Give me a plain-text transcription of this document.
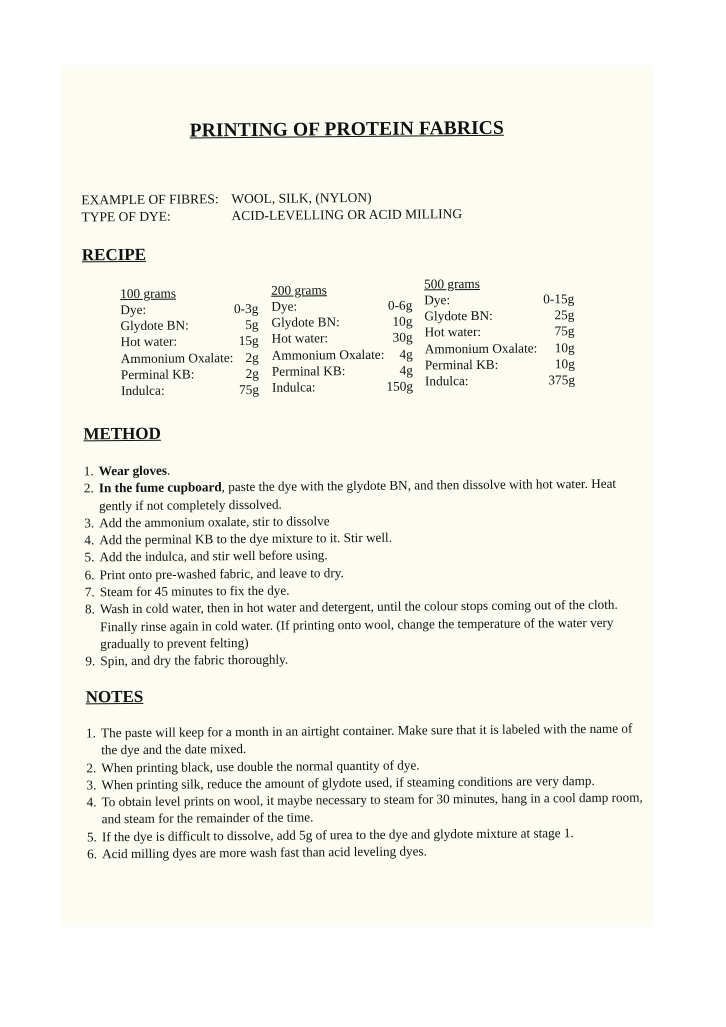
PRINTING OF PROTEIN FABRICS
EXAMPLE OF FIBRES: WOOL, SILK, (NYLON)
TYPE OF DYE:	ACID-LEVELLING OR ACID MILLING
RECIPE
100 grams
Dye:	0-3g
Glydote BN:	5g
Hot water:	15g
Ammonium Oxalate: 2g
Perminal KB:	2g
Indulca:	75g
200 grams
Dye:	0-6g
Glydote BN:	10g
Hot water:	30g
Ammonium Oxalate: 4g
Perminal KB:	4g
Indulca:	150g
500 grams
Dye:	0-15g
Glydote BN:	25g
Hot water:	75g
Ammonium Oxalate: 10g
Perminal KB:	10g
Indulca:	375g
METHOD
1. Wear gloves.
2. In the fume cupboard, paste the dye with the glydote BN, and then dissolve with hot water. Heat gently if not completely dissolved.
3. Add the ammonium oxalate, stir to dissolve
4. Add the perminal KB to the dye mixture to it. Stir well.
5. Add the indulca, and stir well before using.
6. Print onto pre-washed fabric, and leave to dry.
7. Steam for 45 minutes to fix the dye.
8. Wash in cold water, then in hot water and detergent, until the colour stops coming out of the cloth. Finally rinse again in cold water. (If printing onto wool, change the temperature of the water very gradually to prevent felting)
9. Spin, and dry the fabric thoroughly.
NOTES
1. The paste will keep for a month in an airtight container. Make sure that it is labeled with the name of the dye and the date mixed.
2. When printing black, use double the normal quantity of dye.
3. When printing silk, reduce the amount of glydote used, if steaming conditions are very damp.
4. To obtain level prints on wool, it maybe necessary to steam for 30 minutes, hang in a cool damp room, and steam for the remainder of the time.
5. If the dye is difficult to dissolve, add 5g of urea to the dye and glydote mixture at stage 1.
6. Acid milling dyes are more wash fast than acid leveling dyes.
